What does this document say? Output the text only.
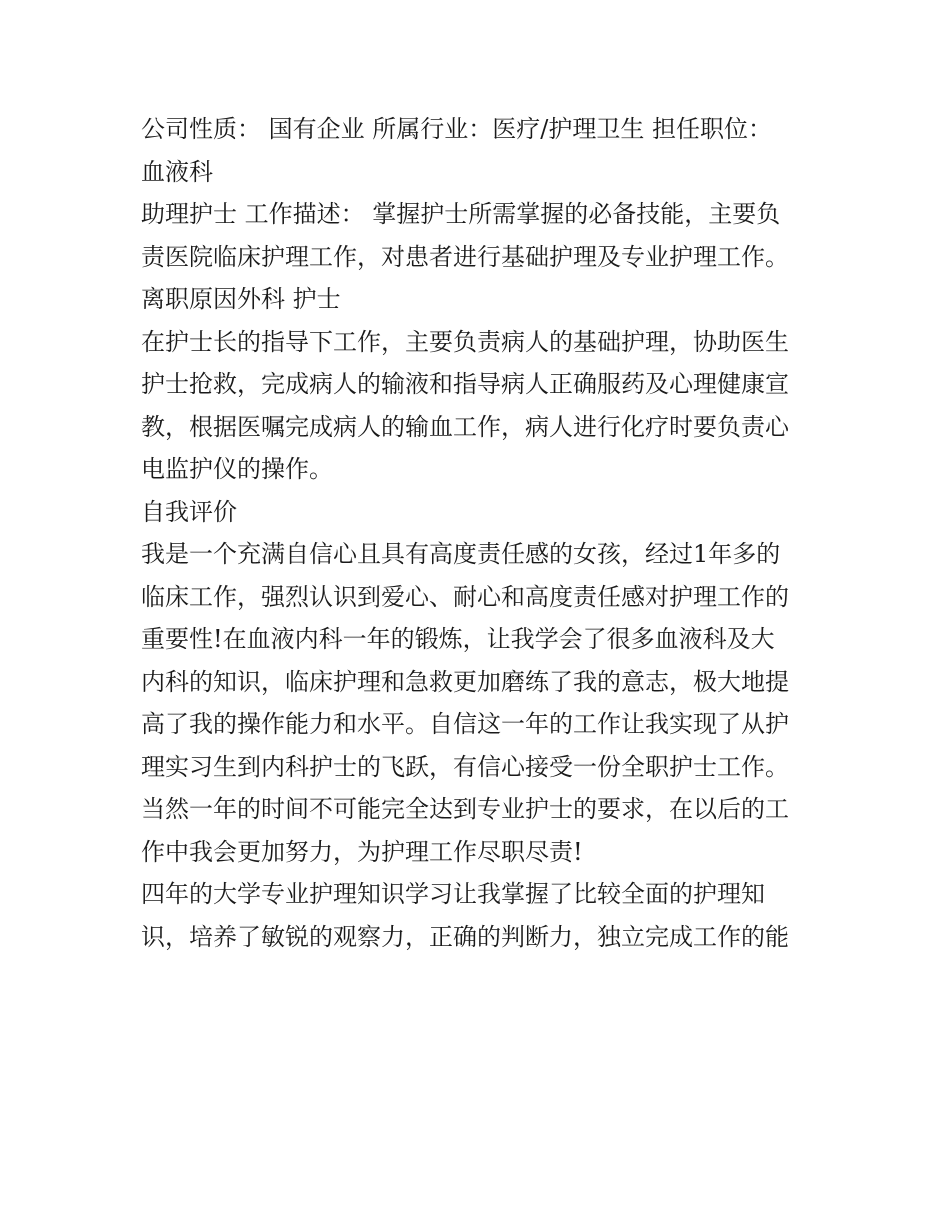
公司性质： 国有企业 所属行业：医疗/护理卫生 担任职位：

血液科

助理护士 工作描述： 掌握护士所需掌握的必备技能，主要负

责医院临床护理工作，对患者进行基础护理及专业护理工作。

离职原因外科 护士

在护士长的指导下工作，主要负责病人的基础护理，协助医生

护士抢救，完成病人的输液和指导病人正确服药及心理健康宣

教，根据医嘱完成病人的输血工作，病人进行化疗时要负责心

电监护仪的操作。

自我评价

我是一个充满自信心且具有高度责任感的女孩，经过1年多的

临床工作，强烈认识到爱心、耐心和高度责任感对护理工作的

重要性!在血液内科一年的锻炼，让我学会了很多血液科及大

内科的知识，临床护理和急救更加磨练了我的意志，极大地提

高了我的操作能力和水平。自信这一年的工作让我实现了从护

理实习生到内科护士的飞跃，有信心接受一份全职护士工作。

当然一年的时间不可能完全达到专业护士的要求，在以后的工

作中我会更加努力，为护理工作尽职尽责!

四年的大学专业护理知识学习让我掌握了比较全面的护理知

识，培养了敏锐的观察力，正确的判断力，独立完成工作的能
